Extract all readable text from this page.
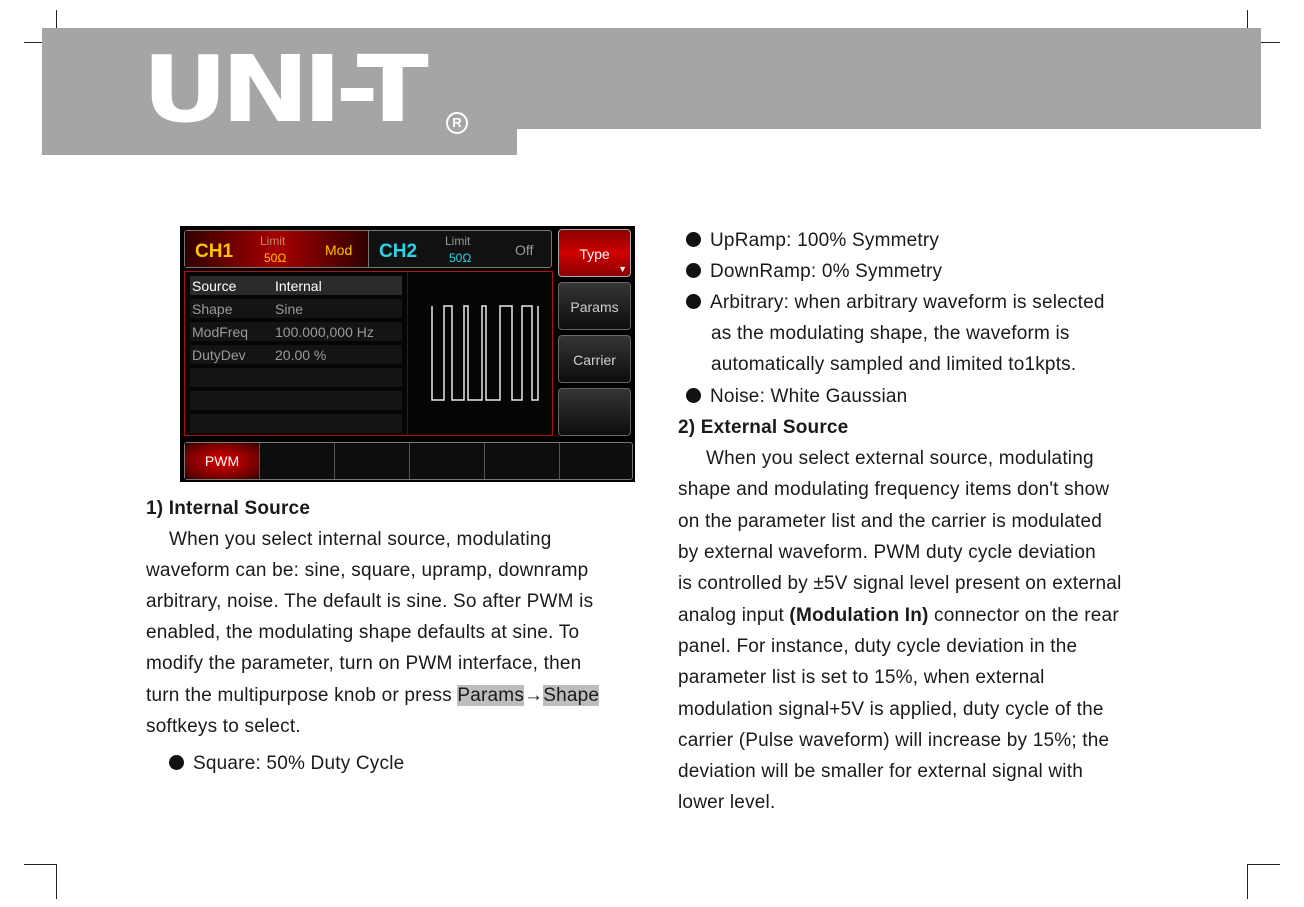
UNI-T	R
CH1 Limit
50Ω	Mod CH2 Limit
50Ω	Off	Type
▼
Params
Carrier
Source	Internal
Shape	Sine
ModFreq 100.000,000 Hz
DutyDev 20.00 %
PWM
1) Internal Source
When you select internal source, modulating
waveform can be: sine, square, upramp, downramp
arbitrary, noise. The default is sine. So after PWM is
enabled, the modulating shape defaults at sine. To
modify the parameter, turn on PWM interface, then
turn the multipurpose knob or press Params→Shape
softkeys to select.
Square: 50% Duty Cycle
UpRamp: 100% Symmetry
DownRamp: 0% Symmetry
Arbitrary: when arbitrary waveform is selected
as the modulating shape, the waveform is
automatically sampled and limited to1kpts.
Noise: White Gaussian
2) External Source
When you select external source, modulating
shape and modulating frequency items don't show
on the parameter list and the carrier is modulated
by external waveform. PWM duty cycle deviation
is controlled by ±5V signal level present on external
analog input (Modulation In) connector on the rear
panel. For instance, duty cycle deviation in the
parameter list is set to 15%, when external
modulation signal+5V is applied, duty cycle of the
carrier (Pulse waveform) will increase by 15%; the
deviation will be smaller for external signal with
lower level.
